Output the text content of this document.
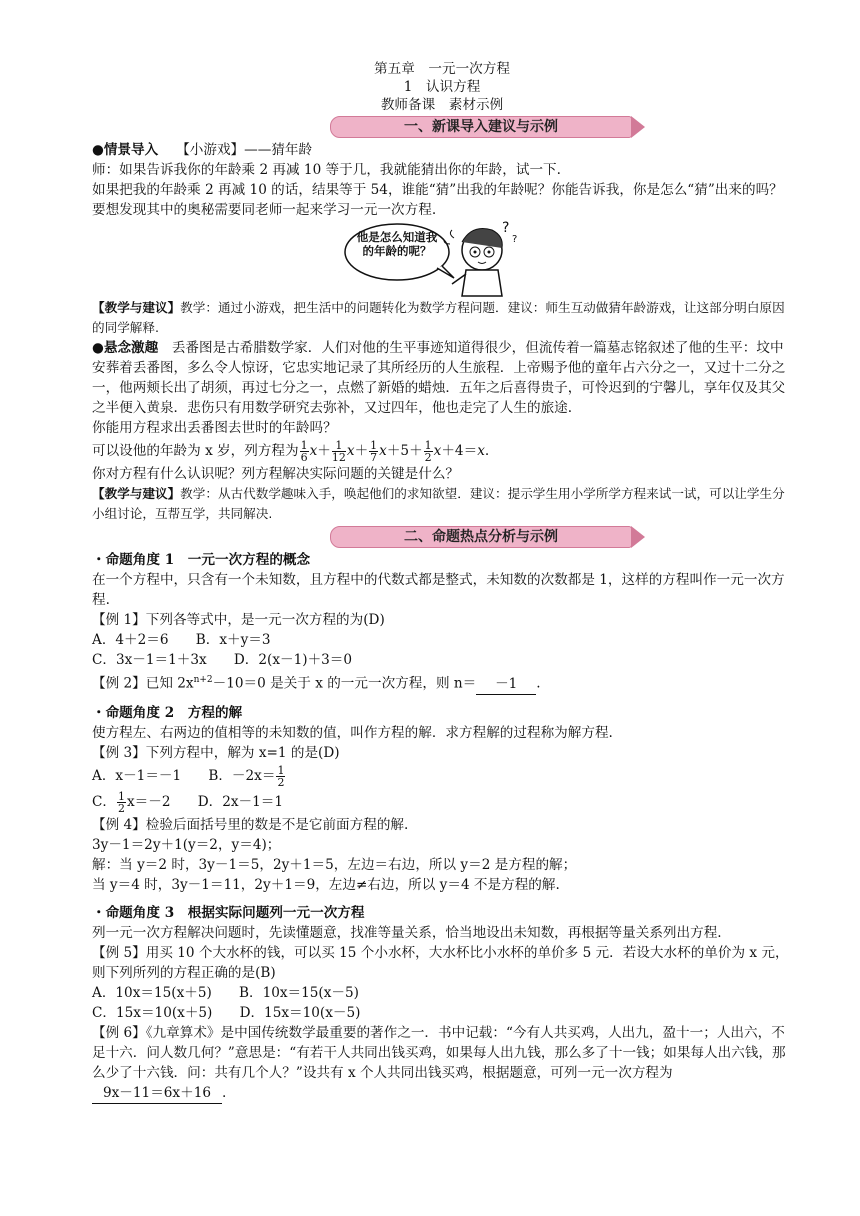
第五章　一元一次方程
1　认识方程
教师备课　素材示例
一、新课导入建议与示例

●情景导入　 【小游戏】——猜年龄

师：如果告诉我你的年龄乘 2 再减 10 等于几，我就能猜出你的年龄，试一下.

如果把我的年龄乘 2 再减 10 的话，结果等于 54，谁能“猜”出我的年龄呢？你能告诉我，你是怎么“猜”出来的吗？要想发现其中的奥秘需要同老师一起来学习一元一次方程.

?
?
他是怎么知道我的年龄的呢？

【教学与建议】教学：通过小游戏，把生活中的问题转化为数学方程问题．建议：师生互动做猜年龄游戏，让这部分明白原因的同学解释.

●悬念激趣　 丢番图是古希腊数学家．人们对他的生平事迹知道得很少，但流传着一篇墓志铭叙述了他的生平：坟中安葬着丢番图，多么令人惊讶，它忠实地记录了其所经历的人生旅程．上帝赐予他的童年占六分之一，又过十二分之一，他两颊长出了胡须，再过七分之一，点燃了新婚的蜡烛．五年之后喜得贵子，可怜迟到的宁馨儿，享年仅及其父之半便入黄泉．悲伤只有用数学研究去弥补，又过四年，他也走完了人生的旅途.

你能用方程求出丢番图去世时的年龄吗？

可以设他的年龄为 x 岁，列方程为 $\frac{1}{6} x+ \frac{1}{12} x+ \frac{1}{7} x+5+ \frac{1}{2} x+4=x$.

你对方程有什么认识呢？列方程解决实际问题的关键是什么？

【教学与建议】教学：从古代数学趣味入手，唤起他们的求知欲望．建议：提示学生用小学所学方程来试一试，可以让学生分小组讨论，互帮互学，共同解决.

二、命题热点分析与示例

・命题角度 1　一元一次方程的概念

在一个方程中，只含有一个未知数，且方程中的代数式都是整式，未知数的次数都是 1，这样的方程叫作一元一次方程.

【例 1】下列各等式中，是一元一次方程的为(D)

A．4＋2＝6　　 B．x＋y＝3

C．3x－1＝1＋3x　　 D．2(x－1)＋3＝0

【例 2】已知 $2x^{n+2}-10=0$ 是关于 x 的一元一次方程，则 n＝ －1 .

・命题角度 2　方程的解

使方程左、右两边的值相等的未知数的值，叫作方程的解．求方程解的过程称为解方程.

【例 3】下列方程中，解为 x=1 的是(D)

A．x－1＝－1　　 B．$-2x= \frac{1}{2}$

C． $\frac{1}{2} x=-2$　　 D．2x－1＝1

【例 4】检验后面括号里的数是不是它前面方程的解.

3y－1＝2y＋1(y＝2，y＝4)；

解：当 y＝2 时，3y－1＝5，2y＋1＝5，左边＝右边，所以 y＝2 是方程的解；

当 y＝4 时，3y－1＝11，2y＋1＝9，左边≠右边，所以 y＝4 不是方程的解.

・命题角度 3　根据实际问题列一元一次方程

列一元一次方程解决问题时，先读懂题意，找准等量关系，恰当地设出未知数，再根据等量关系列出方程.

【例 5】用买 10 个大水杯的钱，可以买 15 个小水杯，大水杯比小水杯的单价多 5 元．若设大水杯的单价为 x 元，则下列所列的方程正确的是(B)

A．10x＝15(x＋5)　　 B．10x＝15(x－5)

C．15x＝10(x＋5)　　 D．15x＝10(x－5)

【例 6】《九章算术》是中国传统数学最重要的著作之一．书中记载：“今有人共买鸡，人出九，盈十一；人出六，不足十六．问人数几何？”意思是：“有若干人共同出钱买鸡，如果每人出九钱，那么多了十一钱；如果每人出六钱，那么少了十六钱．问：共有几个人？”设共有 x 个人共同出钱买鸡，根据题意，可列一元一次方程为9x－11＝6x＋16 .
